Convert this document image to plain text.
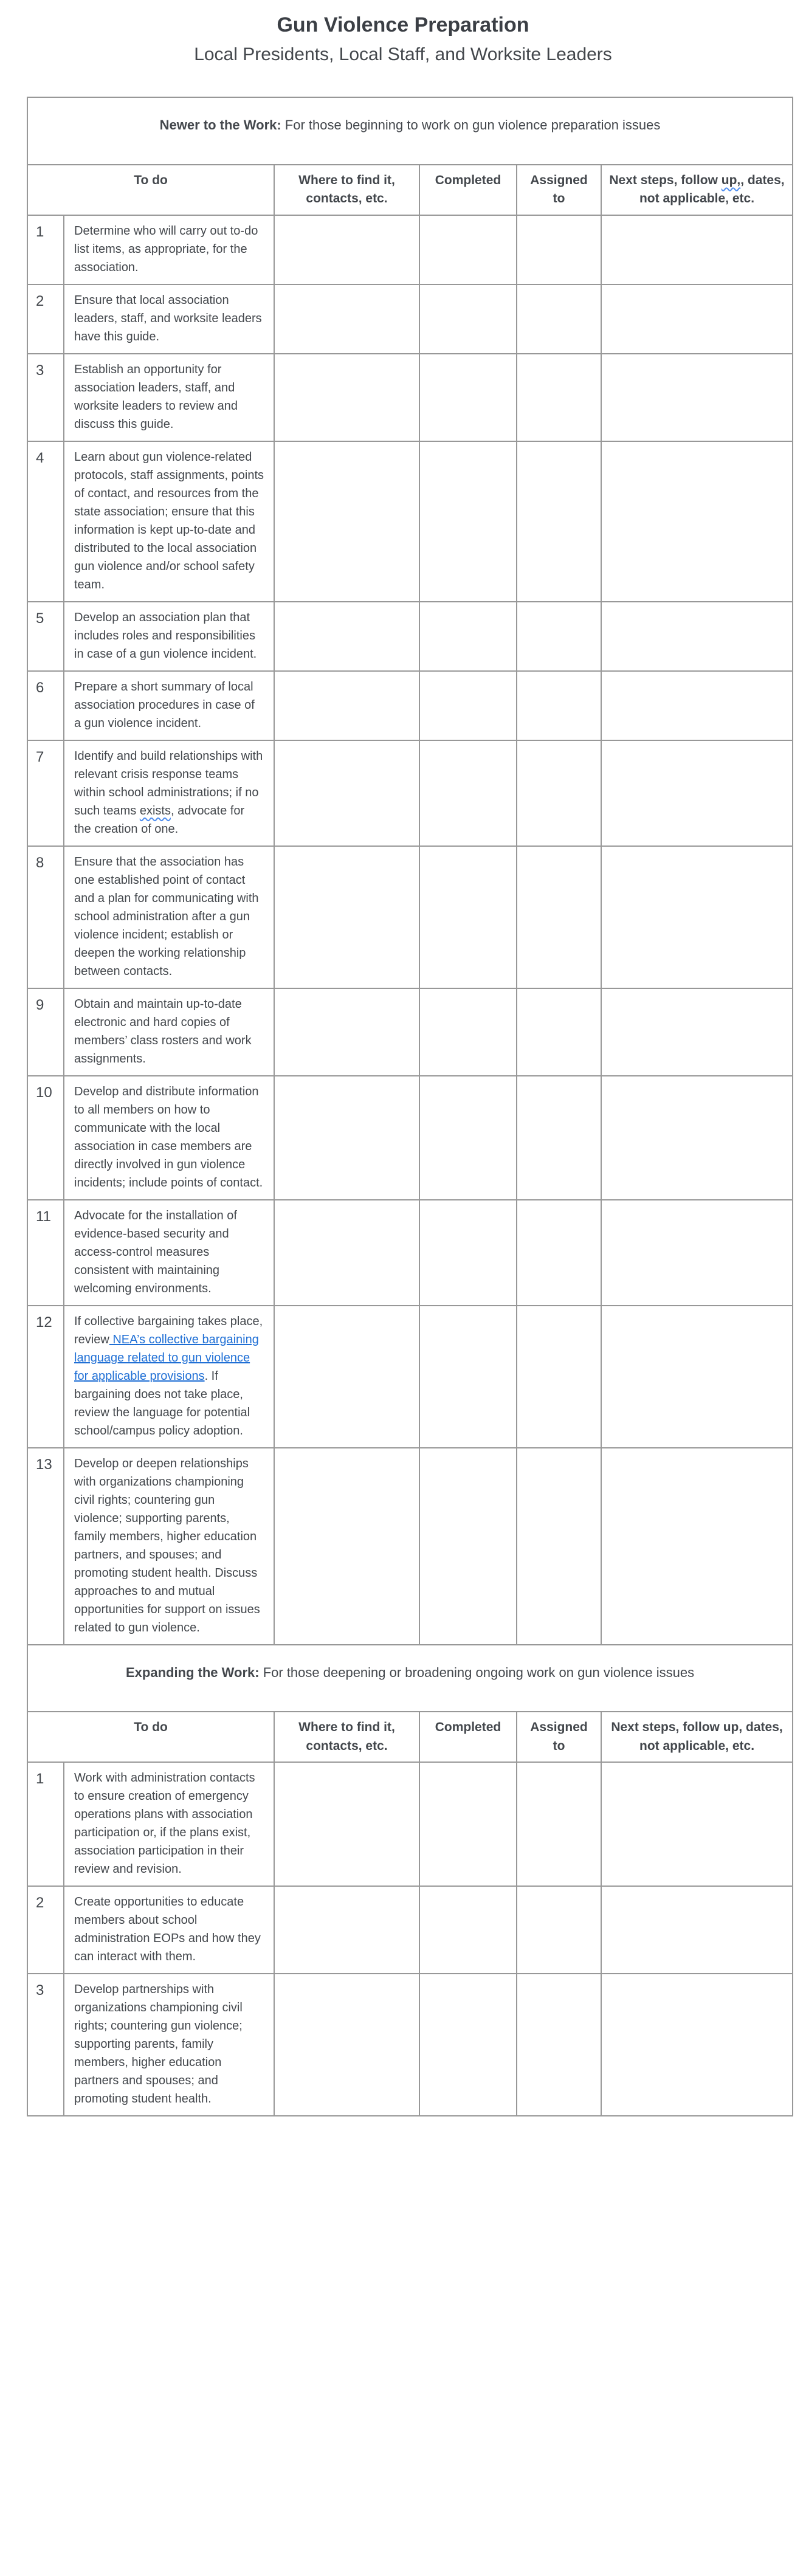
Gun Violence Preparation
Local Presidents, Local Staff, and Worksite Leaders
Newer to the Work: For those beginning to work on gun violence preparation issues					
To do		Where to find it, contacts, etc.	Completed	Assigned to	Next steps, follow up,, dates, not applicable, etc.
1	Determine who will carry out to-do list items, as appropriate, for the association.				
2	Ensure that local association leaders, staff, and worksite leaders have this guide.				
3	Establish an opportunity for association leaders, staff, and worksite leaders to review and discuss this guide.				
4	Learn about gun violence-related protocols, staff assignments, points of contact, and resources from the state association; ensure that this information is kept up-to-date and distributed to the local association gun violence and/or school safety team.				
5	Develop an association plan that includes roles and responsibilities in case of a gun violence incident.				
6	Prepare a short summary of local association procedures in case of a gun violence incident.				
7	Identify and build relationships with relevant crisis response teams within school administrations; if no such teams exists, advocate for the creation of one.				
8	Ensure that the association has one established point of contact and a plan for communicating with school administration after a gun violence incident; establish or deepen the working relationship between contacts.				
9	Obtain and maintain up-to-date electronic and hard copies of members’ class rosters and work assignments.				
10	Develop and distribute information to all members on how to communicate with the local association in case members are directly involved in gun violence incidents; include points of contact.				
11	Advocate for the installation of evidence-based security and access-control measures consistent with maintaining welcoming environments.				
12	If collective bargaining takes place, review NEA’s collective bargaining language related to gun violence for applicable provisions. If bargaining does not take place, review the language for potential school/campus policy adoption.				
13	Develop or deepen relationships with organizations championing civil rights; countering gun violence; supporting parents, family members, higher education partners, and spouses; and promoting student health. Discuss approaches to and mutual opportunities for support on issues related to gun violence.				
Expanding the Work: For those deepening or broadening ongoing work on gun violence issues					
To do		Where to find it, contacts, etc.	Completed	Assigned to	Next steps, follow up, dates, not applicable, etc.
1	Work with administration contacts to ensure creation of emergency operations plans with association participation or, if the plans exist, association participation in their review and revision.				
2	Create opportunities to educate members about school administration EOPs and how they can interact with them.				
3	Develop partnerships with organizations championing civil rights; countering gun violence; supporting parents, family members, higher education partners and spouses; and promoting student health.				
